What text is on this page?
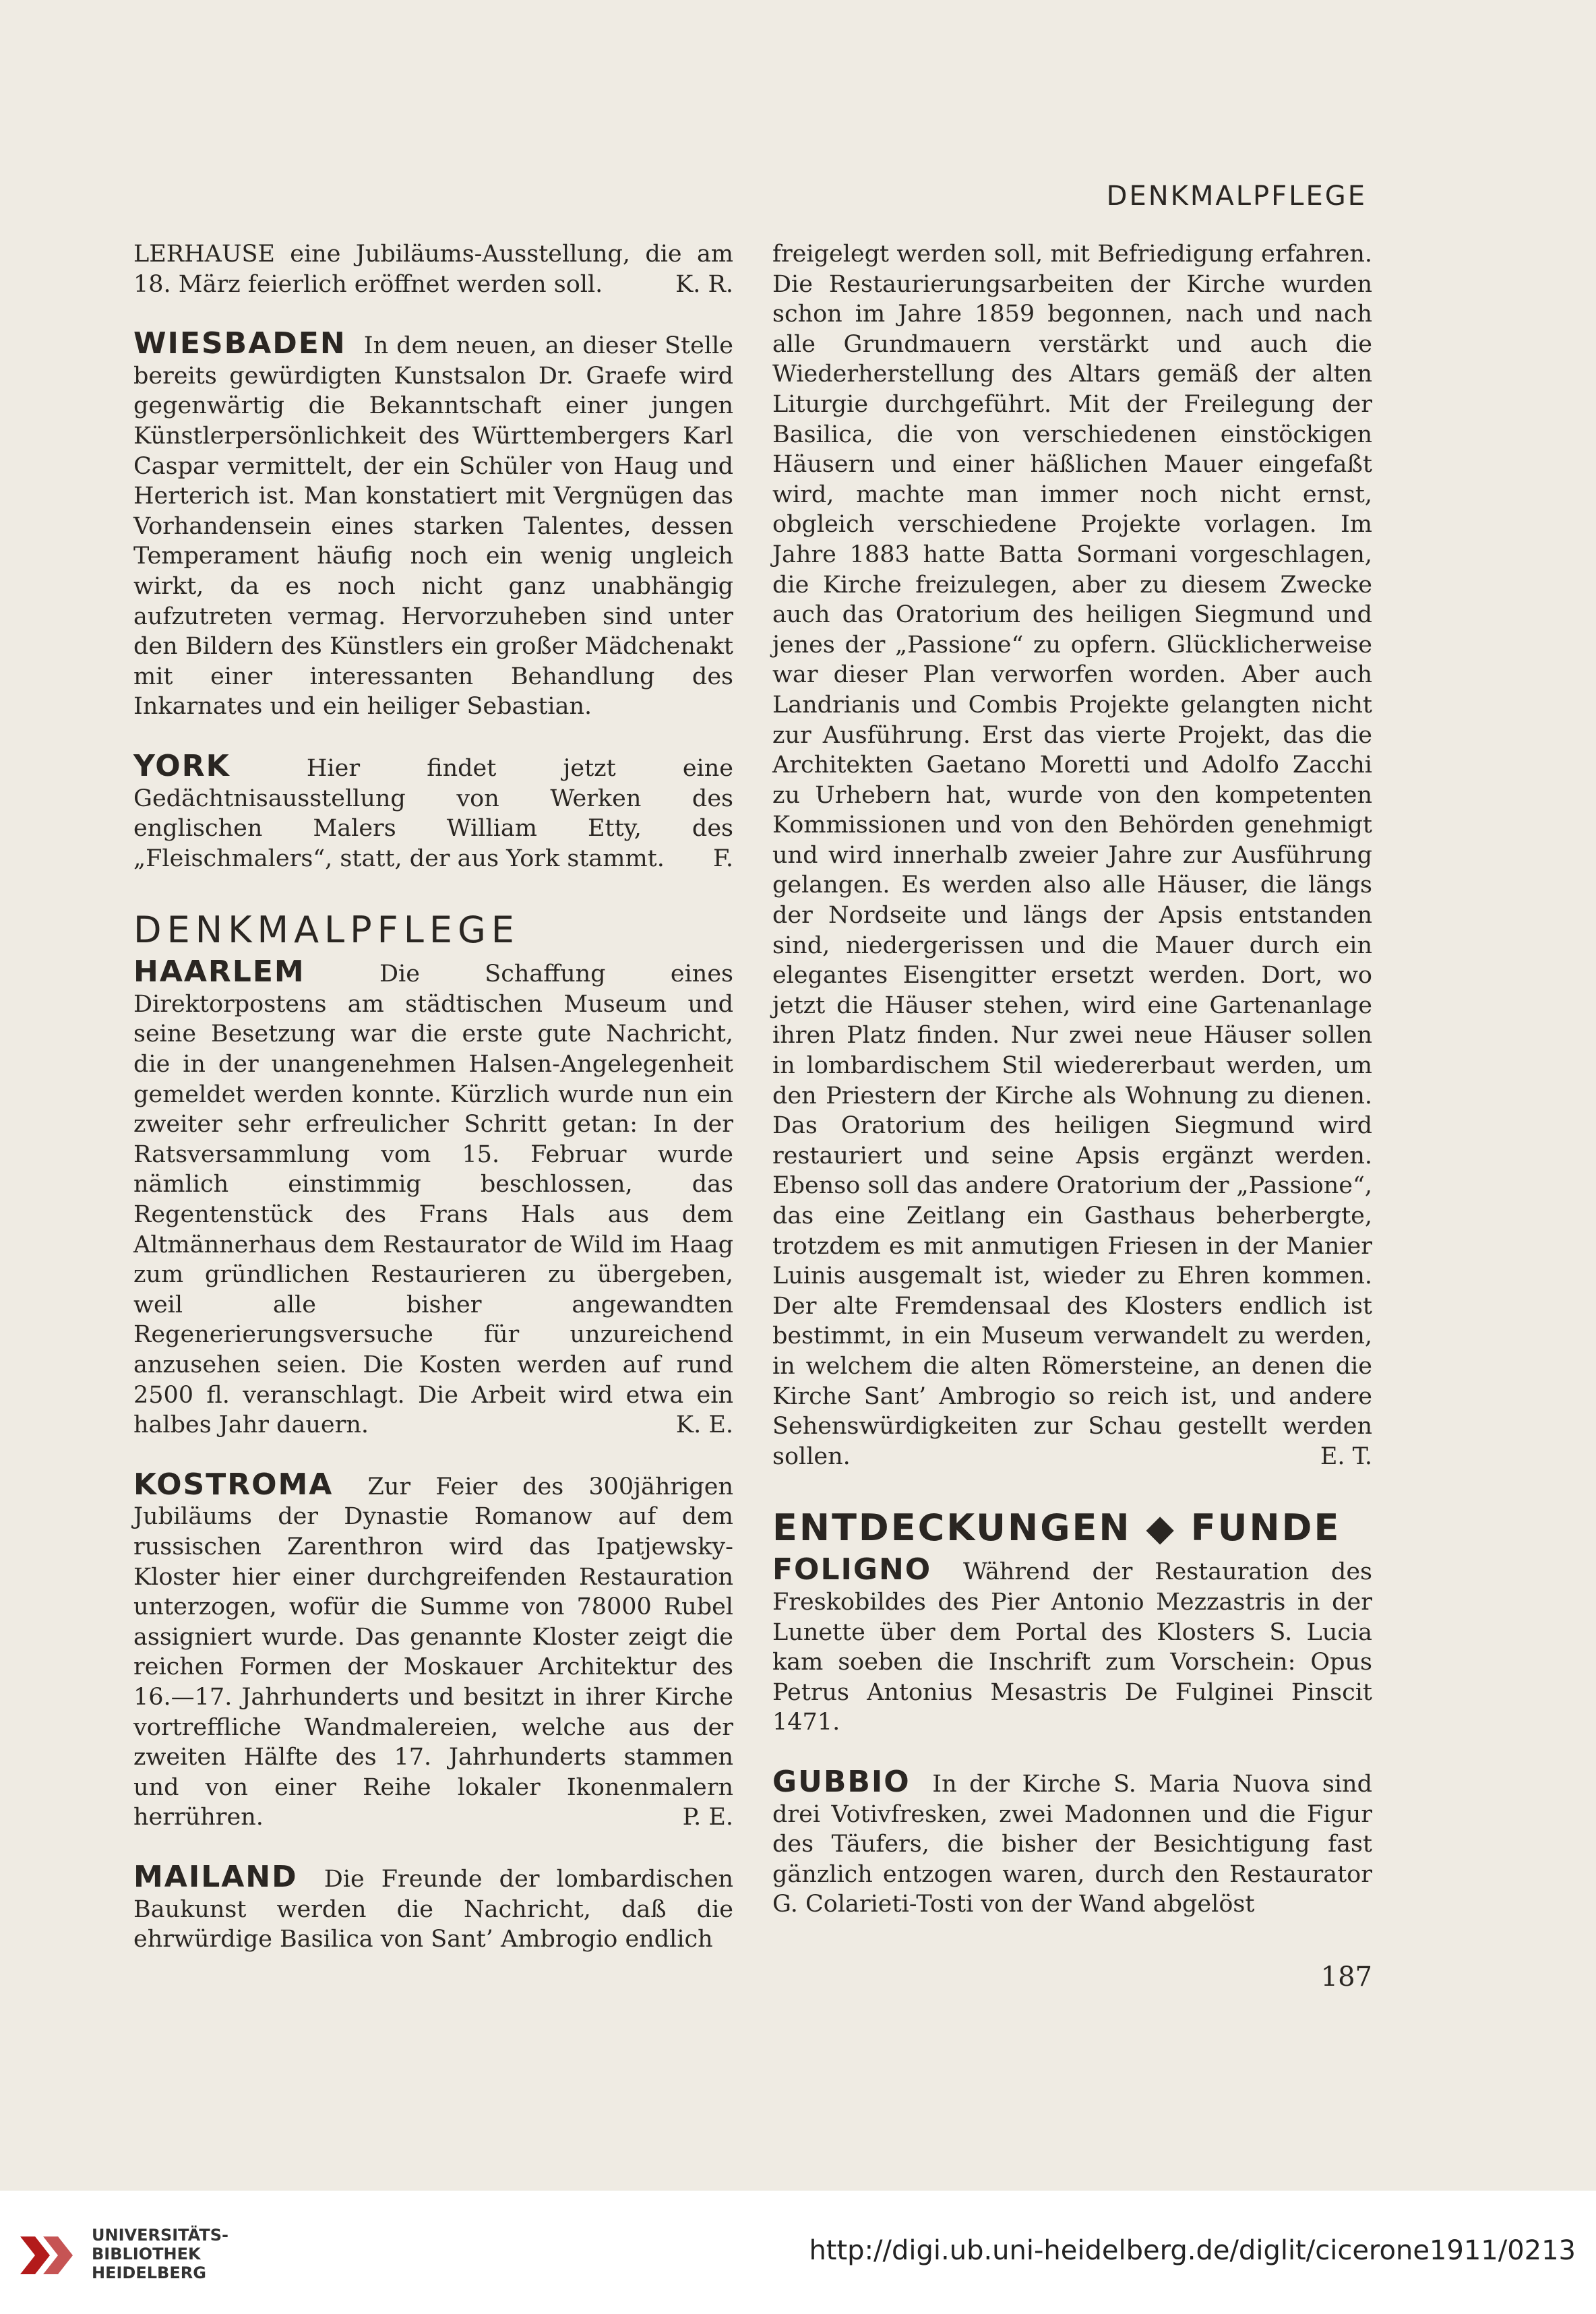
DENKMALPFLEGE

LERHAUSE eine Jubiläums-Ausstellung, die am 18. März feierlich eröffnet werden soll.	K. R.

WIESBADEN In dem neuen, an dieser Stelle bereits gewürdigten Kunstsalon Dr. Graefe wird gegenwärtig die Bekanntschaft einer jungen Künstlerpersönlichkeit des Württembergers Karl Caspar vermittelt, der ein Schüler von Haug und Herterich ist. Man konstatiert mit Vergnügen das Vorhandensein eines starken Talentes, dessen Temperament häufig noch ein wenig ungleich wirkt, da es noch nicht ganz unabhängig aufzutreten vermag. Hervorzuheben sind unter den Bildern des Künstlers ein großer Mädchenakt mit einer interessanten Behandlung des Inkarnates und ein heiliger Sebastian.

YORK	Hier findet jetzt eine Gedächtnisausstellung von Werken des englischen Malers William Etty, des „Fleischmalers“, statt, der aus York stammt. F.

DENKMALPFLEGE

HAARLEM	Die Schaffung eines Direktorpostens am städtischen Museum und seine Besetzung war die erste gute Nachricht, die in der unangenehmen Halsen-Angelegenheit gemeldet werden konnte. Kürzlich wurde nun ein zweiter sehr erfreulicher Schritt getan: In der Ratsversammlung vom 15. Februar wurde nämlich einstimmig beschlossen, das Regentenstück des Frans Hals aus dem Altmännerhaus dem Restaurator de Wild im Haag zum gründlichen Restaurieren zu übergeben, weil alle bisher angewandten Regenerierungsversuche für unzureichend anzusehen seien. Die Kosten werden auf rund 2500 fl. veranschlagt. Die Arbeit wird etwa ein halbes Jahr dauern.	K. E.

KOSTROMA Zur Feier des 300jährigen Jubiläums der Dynastie Romanow auf dem russischen Zarenthron wird das Ipatjewsky-Kloster hier einer durchgreifenden Restauration unterzogen, wofür die Summe von 78000 Rubel assigniert wurde. Das genannte Kloster zeigt die reichen Formen der Moskauer Architektur des 16.—17. Jahrhunderts und besitzt in ihrer Kirche vortreffliche Wandmalereien, welche aus der zweiten Hälfte des 17. Jahrhunderts stammen und von einer Reihe lokaler Ikonenmalern herrühren.	P. E.

MAILAND Die Freunde der lombardischen Baukunst werden die Nachricht, daß die ehrwürdige Basilica von Sant’ Ambrogio endlich

freigelegt werden soll, mit Befriedigung erfahren. Die Restaurierungsarbeiten der Kirche wurden schon im Jahre 1859 begonnen, nach und nach alle Grundmauern verstärkt und auch die Wiederherstellung des Altars gemäß der alten Liturgie durchgeführt. Mit der Freilegung der Basilica, die von verschiedenen einstöckigen Häusern und einer häßlichen Mauer eingefaßt wird, machte man immer noch nicht ernst, obgleich verschiedene Projekte vorlagen. Im Jahre 1883 hatte Batta Sormani vorgeschlagen, die Kirche freizulegen, aber zu diesem Zwecke auch das Oratorium des heiligen Siegmund und jenes der „Passione“ zu opfern. Glücklicherweise war dieser Plan verworfen worden. Aber auch Landrianis und Combis Projekte gelangten nicht zur Ausführung. Erst das vierte Projekt, das die Architekten Gaetano Moretti und Adolfo Zacchi zu Urhebern hat, wurde von den kompetenten Kommissionen und von den Behörden genehmigt und wird innerhalb zweier Jahre zur Ausführung gelangen. Es werden also alle Häuser, die längs der Nordseite und längs der Apsis entstanden sind, niedergerissen und die Mauer durch ein elegantes Eisengitter ersetzt werden. Dort, wo jetzt die Häuser stehen, wird eine Gartenanlage ihren Platz finden. Nur zwei neue Häuser sollen in lombardischem Stil wiedererbaut werden, um den Priestern der Kirche als Wohnung zu dienen. Das Oratorium des heiligen Siegmund wird restauriert und seine Apsis ergänzt werden. Ebenso soll das andere Oratorium der „Passione“, das eine Zeitlang ein Gasthaus beherbergte, trotzdem es mit anmutigen Friesen in der Manier Luinis ausgemalt ist, wieder zu Ehren kommen. Der alte Fremdensaal des Klosters endlich ist bestimmt, in ein Museum verwandelt zu werden, in welchem die alten Römersteine, an denen die Kirche Sant’ Ambrogio so reich ist, und andere Sehenswürdigkeiten zur Schau gestellt werden sollen.	E. T.

ENTDECKUNGEN ◆ FUNDE

FOLIGNO Während der Restauration des Freskobildes des Pier Antonio Mezzastris in der Lunette über dem Portal des Klosters S. Lucia kam soeben die Inschrift zum Vorschein: Opus Petrus Antonius Mesastris De Fulginei Pinscit 1471.

GUBBIO In der Kirche S. Maria Nuova sind drei Votivfresken, zwei Madonnen und die Figur des Täufers, die bisher der Besichtigung fast gänzlich entzogen waren, durch den Restaurator G. Colarieti-Tosti von der Wand abgelöst

187
UNIVERSITÄTS-
BIBLIOTHEK
HEIDELBERG
http://digi.ub.uni-heidelberg.de/diglit/cicerone1911/0213
